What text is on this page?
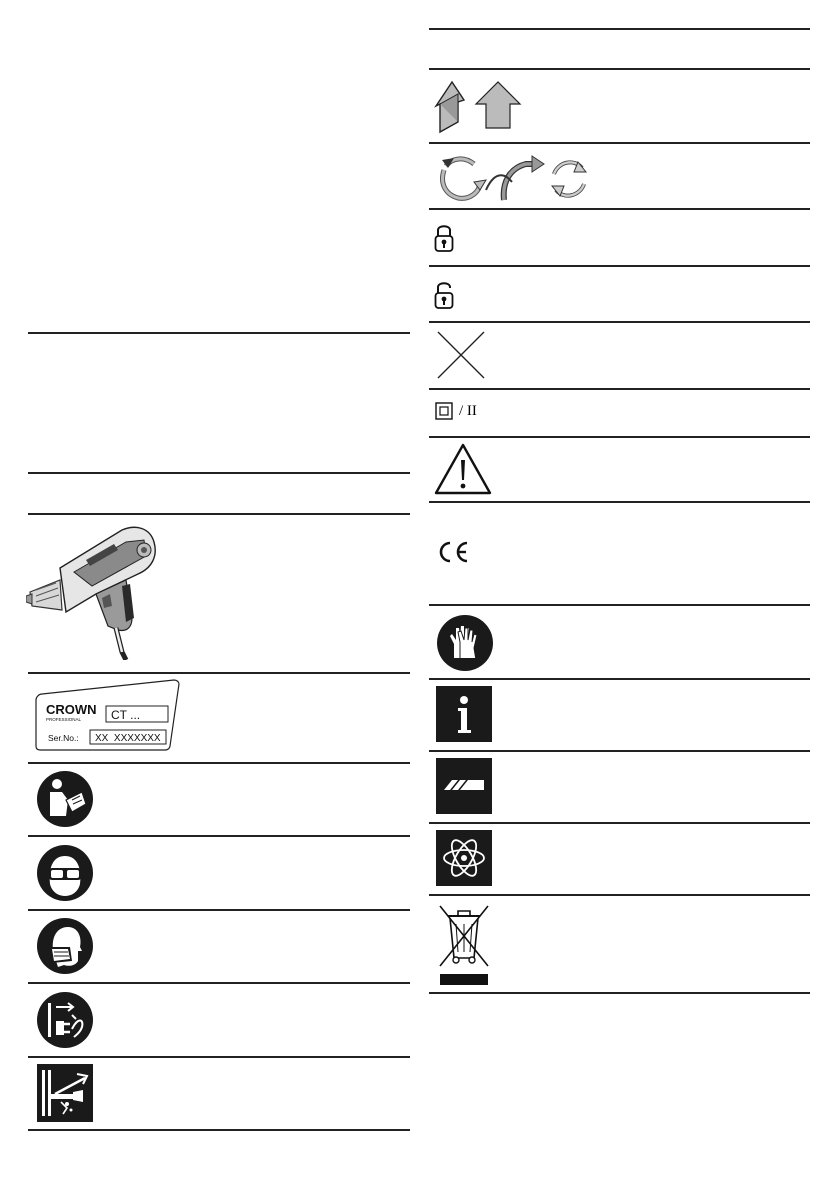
CROWN
PROFESSIONAL CT ...
Ser.No.: XX  XXXXXXX
/ II
